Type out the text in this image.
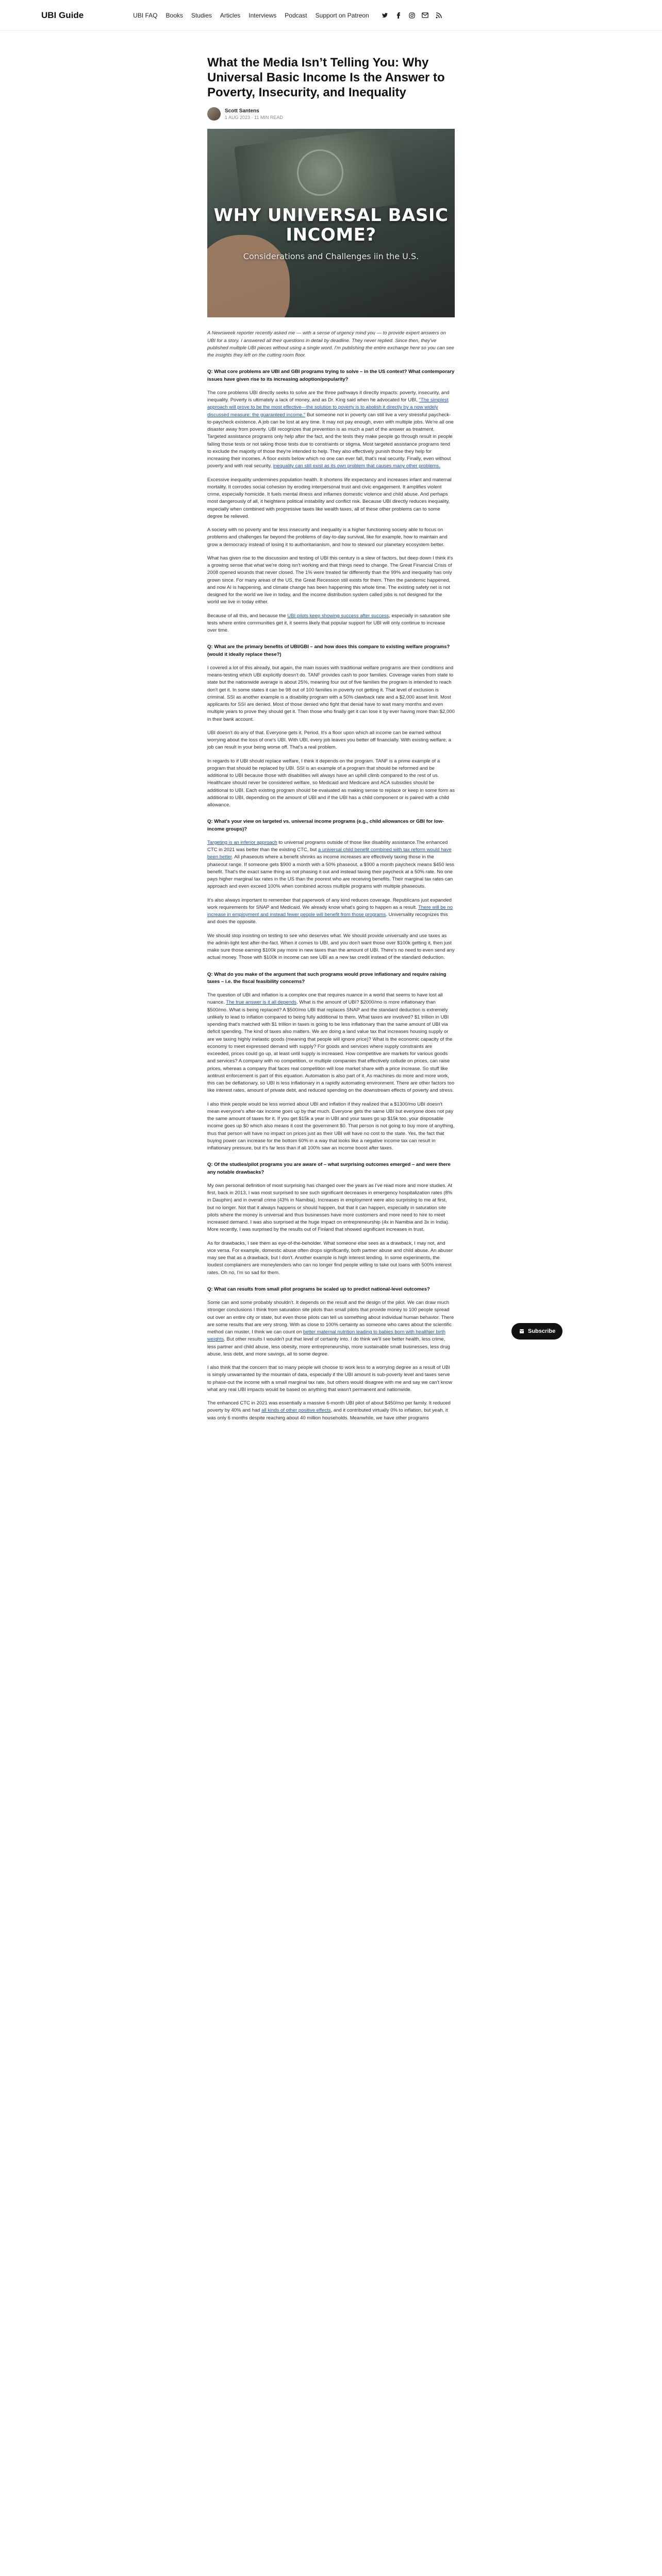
UBI Guide	UBI FAQ Books Studies Articles Interviews Podcast Support on Patreon
What the Media Isn’t Telling You: Why Universal Basic Income Is the Answer to Poverty, Insecurity, and Inequality
Scott Santens
1 AUG 2023 · 11 MIN READ
WHY UNIVERSAL BASIC INCOME?
Considerations and Challenges iin the U.S.

A Newsweek reporter recently asked me — with a sense of urgency mind you — to provide expert answers on UBI for a story. I answered all their questions in detail by deadline. They never replied. Since then, they've published multiple UBI pieces without using a single word. I'm publishing the entire exchange here so you can see the insights they left on the cutting room floor.

Q: What core problems are UBI and GBI programs trying to solve – in the US context? What contemporary issues have given rise to its increasing adoption/popularity?

The core problems UBI directly seeks to solve are the three pathways it directly impacts: poverty, insecurity, and inequality. Poverty is ultimately a lack of money, and as Dr. King said when he advocated for UBI, "The simplest approach will prove to be the most effective—the solution to poverty is to abolish it directly by a now widely discussed measure: the guaranteed income." But someone not in poverty can still live a very stressful paycheck-to-paycheck existence. A job can be lost at any time. It may not pay enough, even with multiple jobs. We're all one disaster away from poverty. UBI recognizes that prevention is as much a part of the answer as treatment. Targeted assistance programs only help after the fact, and the tests they make people go through result in people falling those tests or not taking those tests due to constraints or stigma. Most targeted assistance programs tend to exclude the majority of those they're intended to help. They also effectively punish those they help for increasing their incomes. A floor exists below which no one can ever fall, that's real security. Finally, even without poverty and with real security, inequality can still exist as its own problem that causes many other problems.

Excessive inequality undermines population health. It shortens life expectancy and increases infant and maternal mortality. It corrodes social cohesion by eroding interpersonal trust and civic engagement. It amplifies violent crime, especially homicide. It fuels mental illness and inflames domestic violence and child abuse. And perhaps most dangerously of all, it heightens political instability and conflict risk. Because UBI directly reduces inequality, especially when combined with progressive taxes like wealth taxes, all of these other problems can to some degree be relieved.

A society with no poverty and far less insecurity and inequality is a higher functioning society able to focus on problems and challenges far beyond the problems of day-to-day survival, like for example, how to maintain and grow a democracy instead of losing it to authoritarianism, and how to steward our planetary ecosystem better.

What has given rise to the discussion and testing of UBI this century is a slew of factors, but deep down I think it's a growing sense that what we're doing isn't working and that things need to change. The Great Financial Crisis of 2008 opened wounds that never closed. The 1% were treated far differently than the 99% and inequality has only grown since. For many areas of the US, the Great Recession still exists for them. Then the pandemic happened, and now AI is happening, and climate change has been happening this whole time. The existing safety net is not designed for the world we live in today, and the income distribution system called jobs is not designed for the world we live in today either.

Because of all this, and because the UBI pilots keep showing success after success, especially in saturation site tests where entire communities get it, it seems likely that popular support for UBI will only continue to increase over time.

Q: What are the primary benefits of UBI/GBI – and how does this compare to existing welfare programs? (would it ideally replace these?)

I covered a lot of this already, but again, the main issues with traditional welfare programs are their conditions and means-testing which UBI explicitly doesn't do. TANF provides cash to poor families. Coverage varies from state to state but the nationwide average is about 25%, meaning four out of five families the program is intended to reach don't get it. In some states it can be 98 out of 100 families in poverty not getting it. That level of exclusion is criminal. SSI as another example is a disability program with a 50% clawback rate and a $2,000 asset limit. Most applicants for SSI are denied. Most of those denied who fight that denial have to wait many months and even multiple years to prove they should get it. Then those who finally get it can lose it by ever having more than $2,000 in their bank account.

UBI doesn't do any of that. Everyone gets it. Period. It's a floor upon which all income can be earned without worrying about the loss of one's UBI. With UBI, every job leaves you better off financially. With existing welfare, a job can result in your being worse off. That's a real problem.

In regards to if UBI should replace welfare, I think it depends on the program. TANF is a prime example of a program that should be replaced by UBI. SSI is an example of a program that should be reformed and be additional to UBI because those with disabilities will always have an uphill climb compared to the rest of us. Healthcare should never be considered welfare, so Medicaid and Medicare and ACA subsidies should be additional to UBI. Each existing program should be evaluated as making sense to replace or keep in some form as additional to UBI, depending on the amount of UBI and if the UBI has a child component or is paired with a child allowance.

Q: What's your view on targeted vs. universal income programs (e.g., child allowances or GBI for low-income groups)?

Targeting is an inferior approach to universal programs outside of those like disability assistance.The enhanced CTC in 2021 was better than the existing CTC, but a universal child benefit combined with tax reform would have been better. All phaseouts where a benefit shrinks as income increases are effectively taxing those in the phaseout range. If someone gets $900 a month with a 50% phaseout, a $900 a month paycheck means $450 less benefit. That's the exact same thing as not phasing it out and instead taxing their paycheck at a 50% rate. No one pays higher marginal tax rates in the US than the poorest who are receiving benefits. Their marginal tax rates can approach and even exceed 100% when combined across multiple programs with multiple phaseouts.

It's also always important to remember that paperwork of any kind reduces coverage. Republicans just expanded work requirements for SNAP and Medicaid. We already know what's going to happen as a result. There will be no increase in employment and instead fewer people will benefit from those programs. Universality recognizes this and does the opposite.

We should stop insisting on testing to see who deserves what. We should provide universally and use taxes as the admin-light test after-the-fact. When it comes to UBI, and you don't want those over $100k getting it, then just make sure those earning $100k pay more in new taxes than the amount of UBI. There's no need to even send any actual money. Those with $100k in income can see UBI as a new tax credit instead of the standard deduction.

Q: What do you make of the argument that such programs would prove inflationary and require raising taxes – i.e. the fiscal feasibility concerns?

The question of UBI and inflation is a complex one that requires nuance in a world that seems to have lost all nuance. The true answer is it all depends. What is the amount of UBI? $2000/mo is more inflationary than $500/mo. What is being replaced? A $500/mo UBI that replaces SNAP and the standard deduction is extremely unlikely to lead to inflation compared to being fully additional to them. What taxes are involved? $1 trillion in UBI spending that's matched with $1 trillion in taxes is going to be less inflationary than the same amount of UBI via deficit spending. The kind of taxes also matters. We are doing a land value tax that increases housing supply or are we taxing highly inelastic goods (meaning that people will ignore price)? What is the economic capacity of the economy to meet expressed demand with supply? For goods and services where supply constraints are exceeded, prices could go up, at least until supply is increased. How competitive are markets for various goods and services? A company with no competition, or multiple companies that effectively collude on prices, can raise prices, whereas a company that faces real competition will lose market share with a price increase. So stuff like antitrust enforcement is part of this equation. Automation is also part of it. As machines do more and more work, this can be deflationary, so UBI is less inflationary in a rapidly automating environment. There are other factors too like interest rates, amount of private debt, and reduced spending on the downstream effects of poverty and stress.

I also think people would be less worried about UBI and inflation if they realized that a $1300/mo UBI doesn't mean everyone's after-tax income goes up by that much. Everyone gets the same UBI but everyone does not pay the same amount of taxes for it. If you get $15k a year in UBI and your taxes go up $15k too, your disposable income goes up $0 which also means it cost the government $0. That person is not going to buy more of anything, thus that person will have no impact on prices just as their UBI will have no cost to the state. Yes, the fact that buying power can increase for the bottom 60% in a way that looks like a negative income tax can result in inflationary pressure, but it's far less than if all 100% saw an income boost after taxes.

Q: Of the studies/pilot programs you are aware of – what surprising outcomes emerged – and were there any notable drawbacks?

My own personal definition of most surprising has changed over the years as I've read more and more studies. At first, back in 2013, I was most surprised to see such significant decreases in emergency hospitalization rates (8% in Dauphin) and in overall crime (43% in Namibia). Increases in employment were also surprising to me at first, but no longer. Not that it always happens or should happen, but that it can happen, especially in saturation site pilots where the money is universal and thus businesses have more customers and more need to hire to meet increased demand. I was also surprised at the huge impact on entrepreneurship (4x in Namibia and 3x in India). More recently, I was surprised by the results out of Finland that showed significant increases in trust.

As for drawbacks, I see them as eye-of-the-beholder. What someone else sees as a drawback, I may not, and vice versa. For example, domestic abuse often drops significantly, both partner abuse and child abuse. An abuser may see that as a drawback, but I don't. Another example is high interest lending. In some experiments, the loudest complainers are moneylenders who can no longer find people willing to take out loans with 500% interest rates. Oh no, I'm so sad for them.

Q: What can results from small pilot programs be scaled up to predict national-level outcomes?

Some can and some probably shouldn't. It depends on the result and the design of the pilot. We can draw much stronger conclusions I think from saturation site pilots than small pilots that provide money to 100 people spread out over an entire city or state, but even those pilots can tell us something about individual human behavior. There are some results that are very strong. With as close to 100% certainty as someone who cares about the scientific method can muster, I think we can count on better maternal nutrition leading to babies born with healthier birth weights. But other results I wouldn't put that level of certainty into. I do think we'll see better health, less crime, less partner and child abuse, less obesity, more entrepreneurship, more sustainable small businesses, less drug abuse, less debt, and more savings, all to some degree.

I also think that the concern that so many people will choose to work less to a worrying degree as a result of UBI is simply unwarranted by the mountain of data, especially if the UBI amount is sub-poverty level and taxes serve to phase-out the income with a small marginal tax rate, but others would disagree with me and say we can't know what any real UBI impacts would be based on anything that wasn't permanent and nationwide.

The enhanced CTC in 2021 was essentially a massive 6-month UBI pilot of about $450/mo per family. It reduced poverty by 40% and had all kinds of other positive effects, and it contributed virtually 0% to inflation, but yeah, it was only 6 months despite reaching about 40 million households. Meanwhile, we have other programs

Subscribe
